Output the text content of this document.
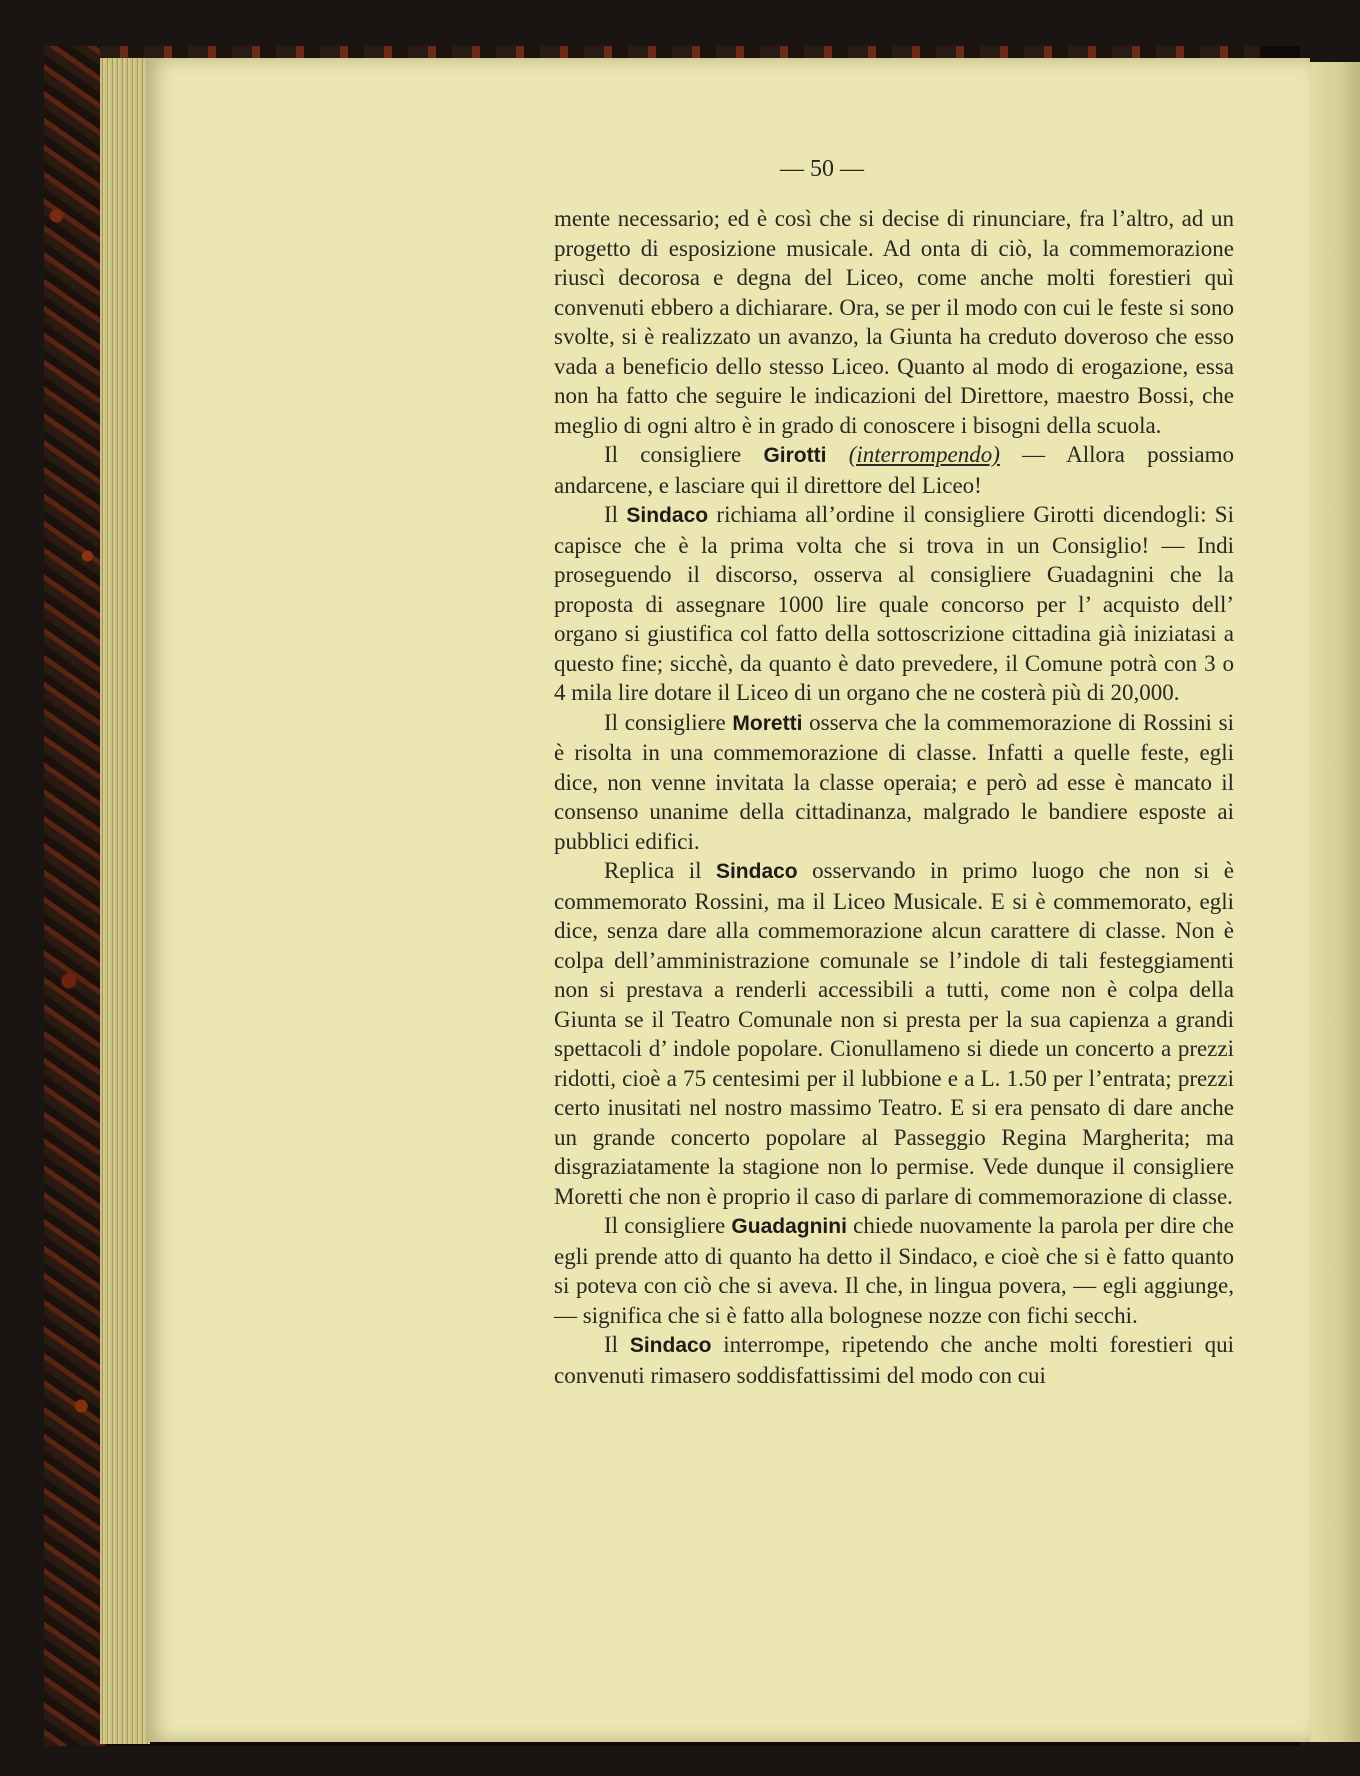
— 50 —

mente necessario; ed è così che si decise di rinunciare, fra l’altro, ad un progetto di esposizione musicale. Ad onta di ciò, la commemorazione riuscì decorosa e degna del Liceo, come anche molti forestieri quì convenuti ebbero a dichiarare. Ora, se per il modo con cui le feste si sono svolte, si è realizzato un avanzo, la Giunta ha creduto doveroso che esso vada a beneficio dello stesso Liceo. Quanto al modo di erogazione, essa non ha fatto che seguire le indicazioni del Direttore, maestro Bossi, che meglio di ogni altro è in grado di conoscere i bisogni della scuola.

Il consigliere Girotti (interrompendo) — Allora possiamo andarcene, e lasciare qui il direttore del Liceo!

Il Sindaco richiama all’ordine il consigliere Girotti dicendogli: Si capisce che è la prima volta che si trova in un Consiglio! — Indi proseguendo il discorso, osserva al consigliere Guadagnini che la proposta di assegnare 1000 lire quale concorso per l’ acquisto dell’ organo si giustifica col fatto della sottoscrizione cittadina già iniziatasi a questo fine; sicchè, da quanto è dato prevedere, il Comune potrà con 3 o 4 mila lire dotare il Liceo di un organo che ne costerà più di 20,000.

Il consigliere Moretti osserva che la commemorazione di Rossini si è risolta in una commemorazione di classe. Infatti a quelle feste, egli dice, non venne invitata la classe operaia; e però ad esse è mancato il consenso unanime della cittadinanza, malgrado le bandiere esposte ai pubblici edifici.

Replica il Sindaco osservando in primo luogo che non si è commemorato Rossini, ma il Liceo Musicale. E si è commemorato, egli dice, senza dare alla commemorazione alcun carattere di classe. Non è colpa dell’amministrazione comunale se l’indole di tali festeggiamenti non si prestava a renderli accessibili a tutti, come non è colpa della Giunta se il Teatro Comunale non si presta per la sua capienza a grandi spettacoli d’ indole popolare. Cionullameno si diede un concerto a prezzi ridotti, cioè a 75 centesimi per il lubbione e a L. 1.50 per l’entrata; prezzi certo inusitati nel nostro massimo Teatro. E si era pensato di dare anche un grande concerto popolare al Passeggio Regina Margherita; ma disgraziatamente la stagione non lo permise. Vede dunque il consigliere Moretti che non è proprio il caso di parlare di commemorazione di classe.

Il consigliere Guadagnini chiede nuovamente la parola per dire che egli prende atto di quanto ha detto il Sindaco, e cioè che si è fatto quanto si poteva con ciò che si aveva. Il che, in lingua povera, — egli aggiunge, — significa che si è fatto alla bolognese nozze con fichi secchi.

Il Sindaco interrompe, ripetendo che anche molti forestieri qui convenuti rimasero soddisfattissimi del modo con cui
